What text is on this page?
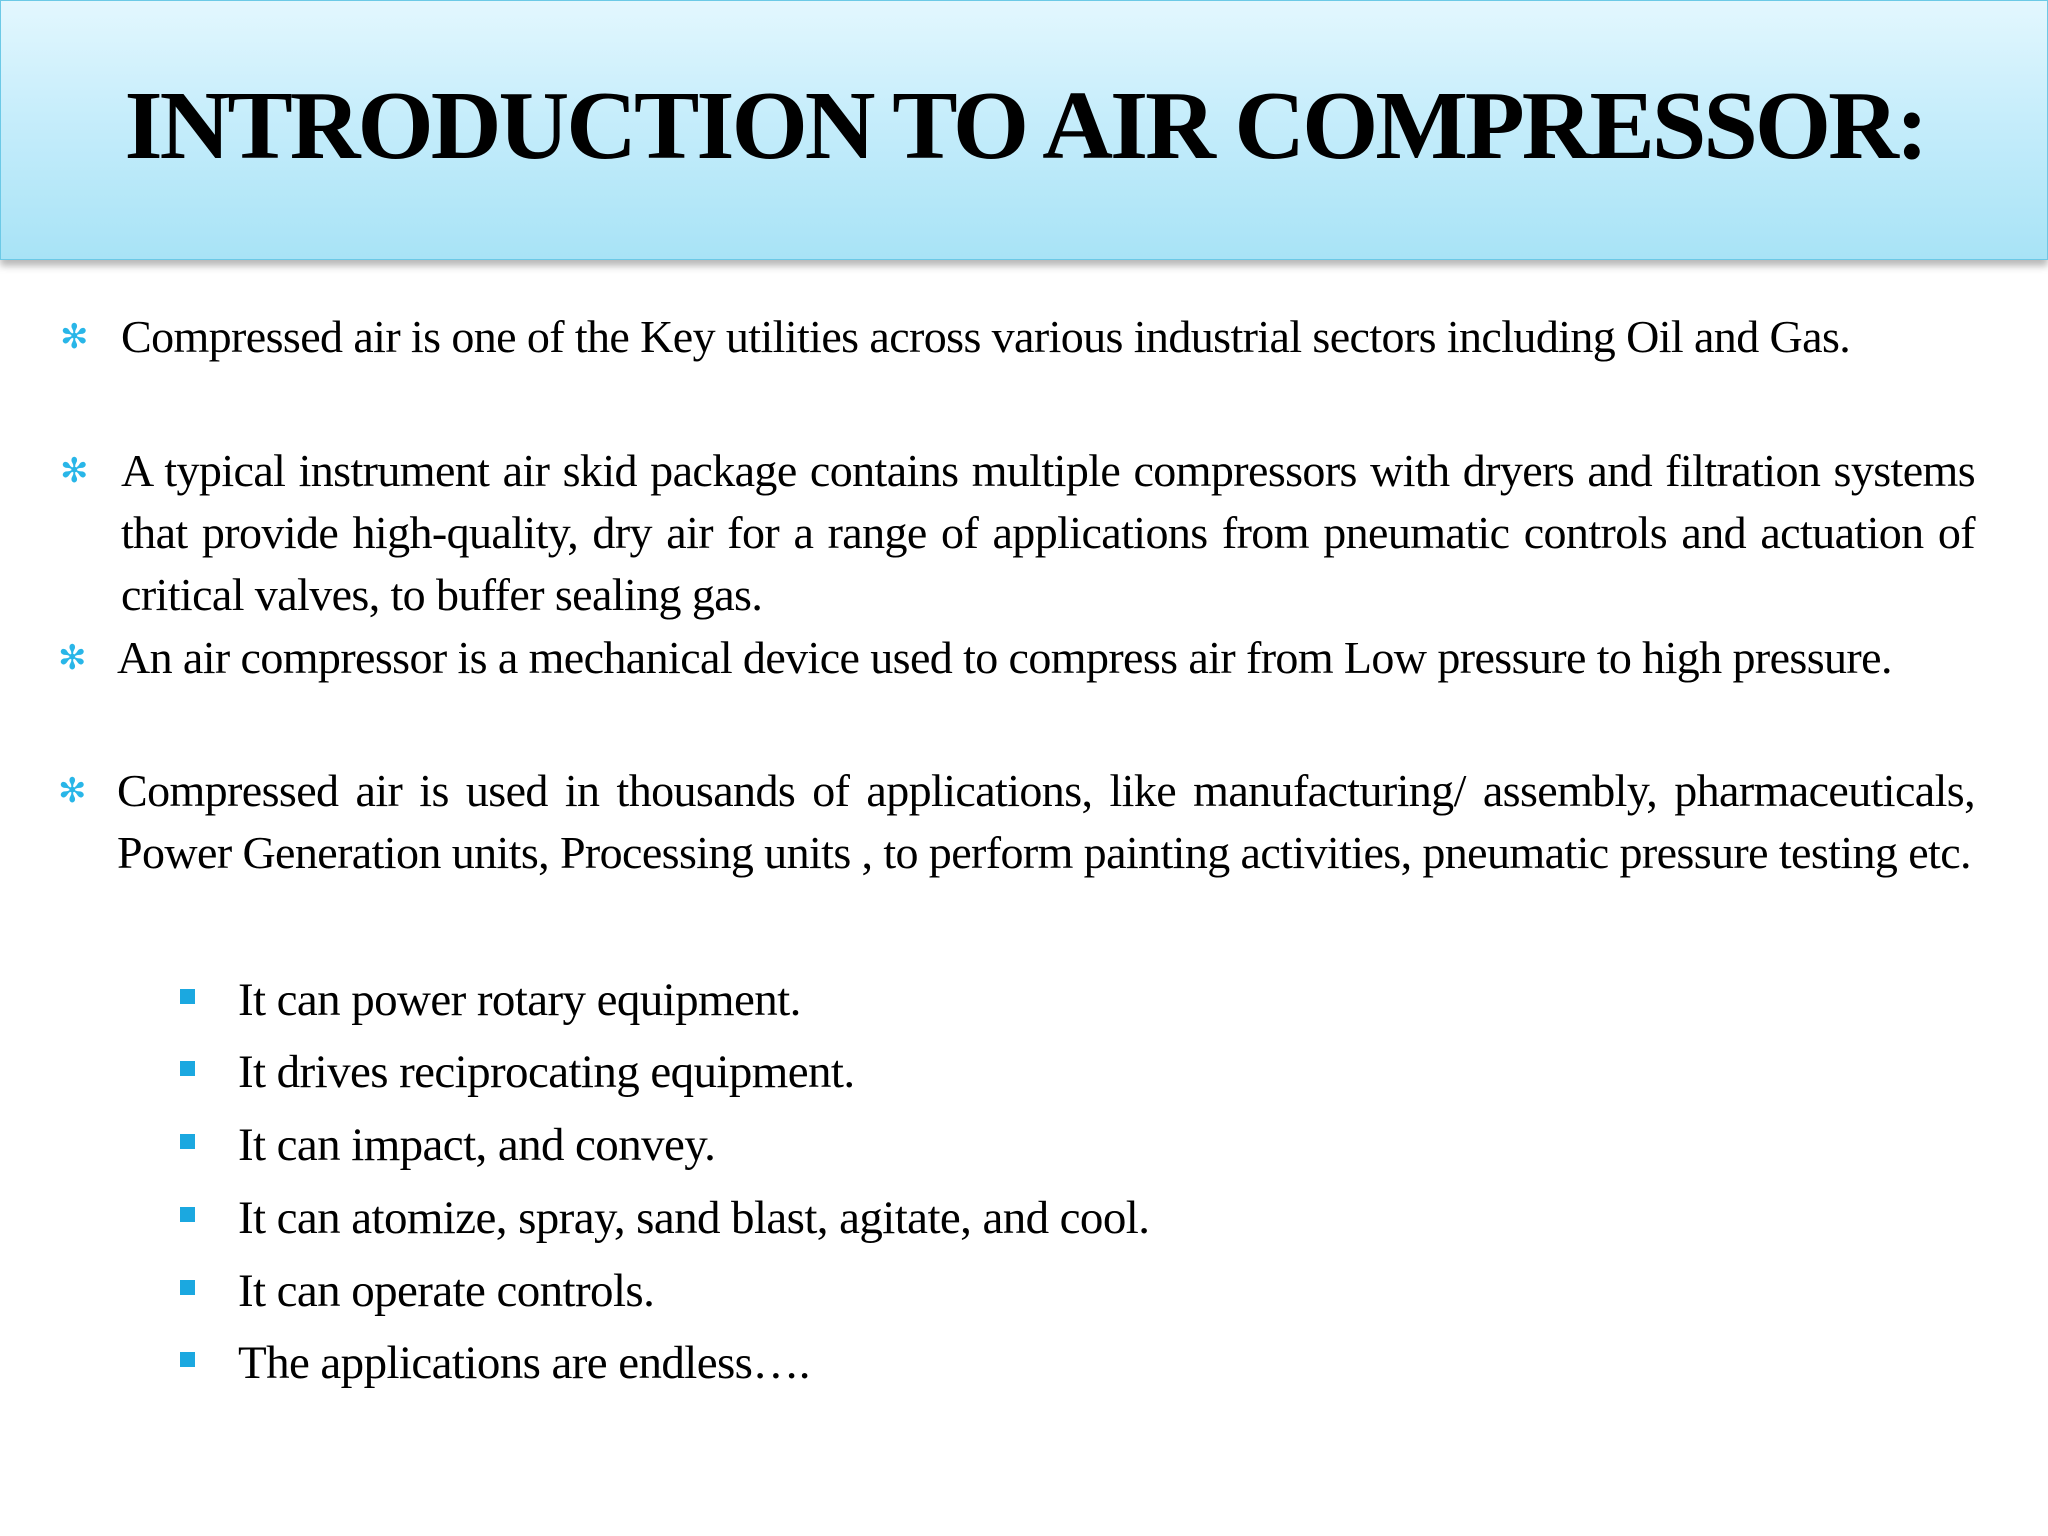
INTRODUCTION TO AIR COMPRESSOR:
✻ Compressed air is one of the Key utilities across various industrial sectors including Oil and Gas.
✻ A typical instrument air skid package contains multiple compressors with dryers and filtration systems that provide high-quality, dry air for a range of applications from pneumatic controls and actuation of critical valves, to buffer sealing gas.
✻ An air compressor is a mechanical device used to compress air from Low pressure to high pressure.
✻ Compressed air is used in thousands of applications, like manufacturing/ assembly, pharmaceuticals, Power Generation units, Processing units , to perform painting activities, pneumatic pressure testing etc.
It can power rotary equipment.
It drives reciprocating equipment.
It can impact, and convey.
It can atomize, spray, sand blast, agitate, and cool.
It can operate controls.
The applications are endless….
